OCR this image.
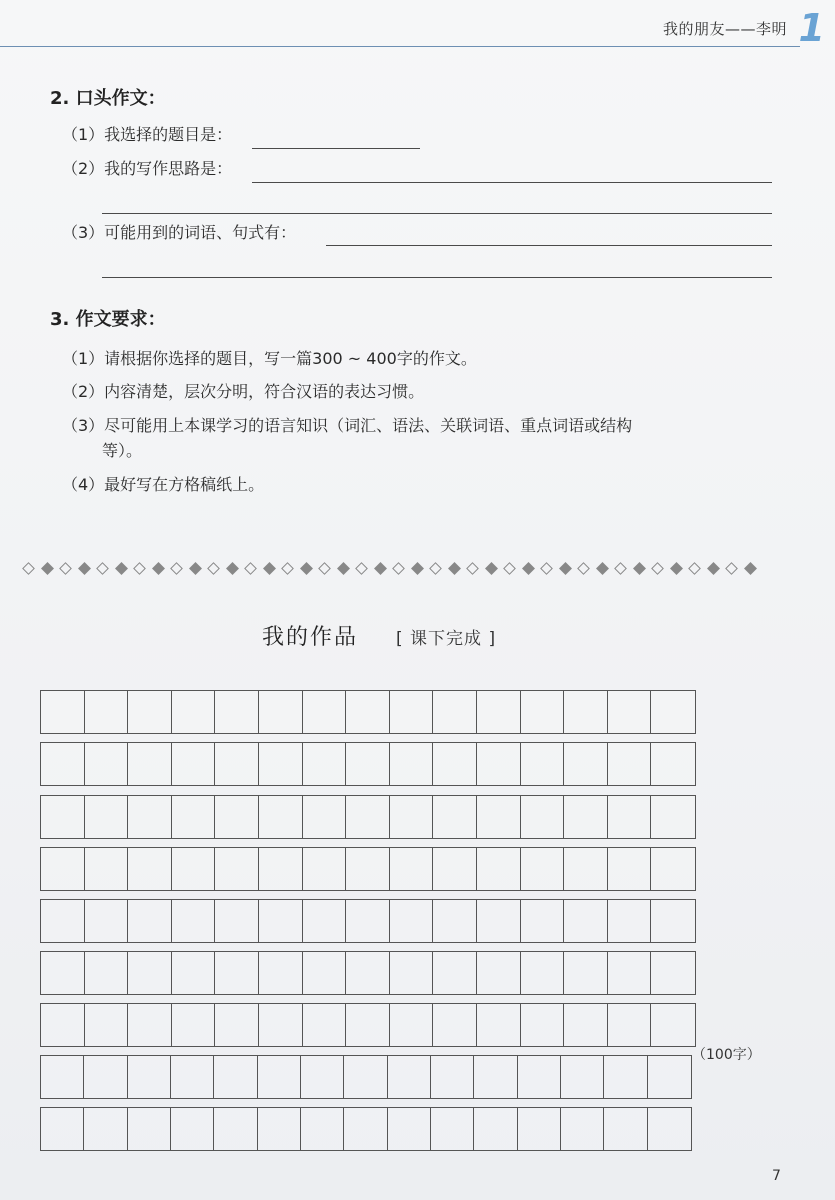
我的朋友——李明 1
2. 口头作文：
（1）我选择的题目是：
（2）我的写作思路是：
（3）可能用到的词语、句式有：
3. 作文要求：
（1）请根据你选择的题目，写一篇300 ~ 400字的作文。
（2）内容清楚，层次分明，符合汉语的表达习惯。
（3）尽可能用上本课学习的语言知识（词汇、语法、关联词语、重点词语或结构
等）。
（4）最好写在方格稿纸上。
我的作品 [ 课下完成 ]
（100字）
7
